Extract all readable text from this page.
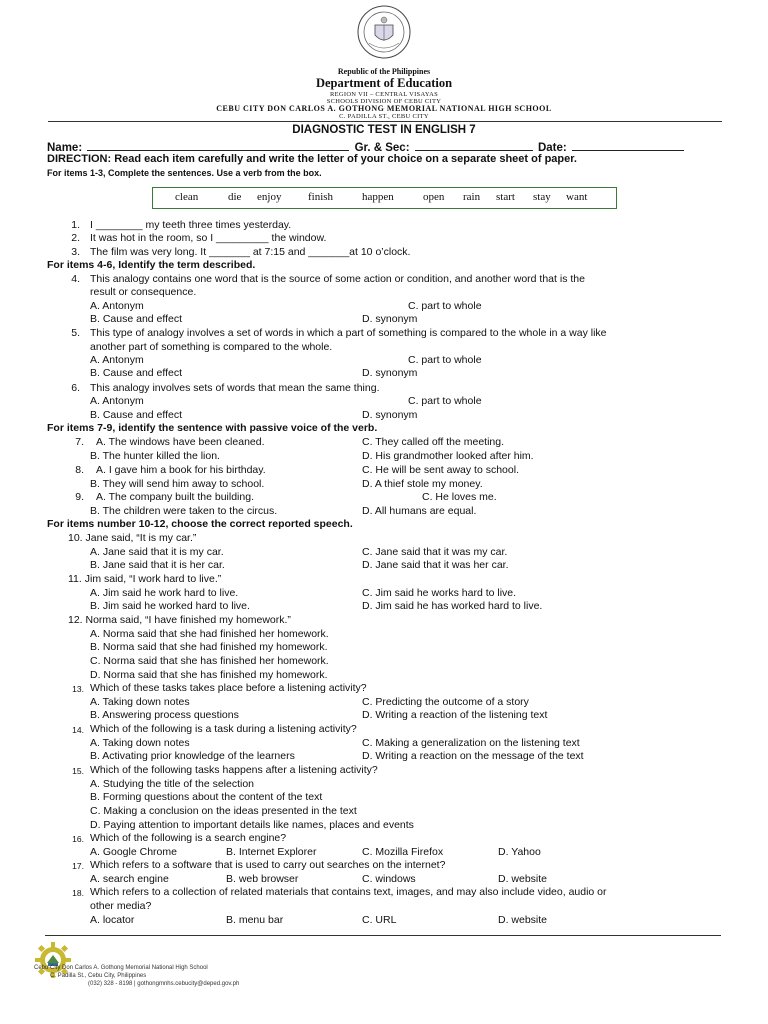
Republic of the Philippines
Department of Education
REGION VII – CENTRAL VISAYAS
SCHOOLS DIVISION OF CEBU CITY
CEBU CITY DON CARLOS A. GOTHONG MEMORIAL NATIONAL HIGH SCHOOL
C. PADILLA ST., CEBU CITY
DIAGNOSTIC TEST IN ENGLISH 7
Name:	Gr. & Sec:	Date:
DIRECTION: Read each item carefully and write the letter of your choice on a separate sheet of paper.
For items 1-3, Complete the sentences. Use a verb from the box.
clean	die enjoy finish	happen	open rain start stay want
1. I ________ my teeth three times yesterday.
2. It was hot in the room, so I _________ the window.
3. The film was very long. It _______ at 7:15 and _______at 10 o’clock.
For items 4-6, Identify the term described.
4. This analogy contains one word that is the source of some action or condition, and another word that is the
result or consequence.
A. Antonym	C. part to whole
B. Cause and effect	D. synonym
5. This type of analogy involves a set of words in which a part of something is compared to the whole in a way like
another part of something is compared to the whole.
A. Antonym	C. part to whole
B. Cause and effect	D. synonym
6. This analogy involves sets of words that mean the same thing.
A. Antonym	C. part to whole
B. Cause and effect	D. synonym
For items 7-9, identify the sentence with passive voice of the verb.
7. A. The windows have been cleaned.	C. They called off the meeting.
B. The hunter killed the lion.	D. His grandmother looked after him.
8. A. I gave him a book for his birthday.	C. He will be sent away to school.
B. They will send him away to school.	D. A thief stole my money.
9. A. The company built the building.	C. He loves me.
B. The children were taken to the circus.	D. All humans are equal.
For items number 10-12, choose the correct reported speech.
10. Jane said, “It is my car.”
A. Jane said that it is my car.	C. Jane said that it was my car.
B. Jane said that it is her car.	D. Jane said that it was her car.
11. Jim said, “I work hard to live.”
A. Jim said he work hard to live.	C. Jim said he works hard to live.
B. Jim said he worked hard to live.	D. Jim said he has worked hard to live.
12. Norma said, “I have finished my homework.”
A. Norma said that she had finished her homework.
B. Norma said that she had finished my homework.
C. Norma said that she has finished her homework.
D. Norma said that she has finished my homework.
13. Which of these tasks takes place before a listening activity?
A. Taking down notes	C. Predicting the outcome of a story
B. Answering process questions	D. Writing a reaction of the listening text
14. Which of the following is a task during a listening activity?
A. Taking down notes	C. Making a generalization on the listening text
B. Activating prior knowledge of the learners	D. Writing a reaction on the message of the text
15. Which of the following tasks happens after a listening activity?
A. Studying the title of the selection
B. Forming questions about the content of the text
C. Making a conclusion on the ideas presented in the text
D. Paying attention to important details like names, places and events
16. Which of the following is a search engine?
A. Google Chrome	B. Internet Explorer	C. Mozilla Firefox	D. Yahoo
17. Which refers to a software that is used to carry out searches on the internet?
A. search engine	B. web browser	C. windows	D. website
18. Which refers to a collection of related materials that contains text, images, and may also include video, audio or
other media?
A. locator	B. menu bar	C. URL	D. website
Cebu City Don Carlos A. Gothong Memorial National High School
C. Padilla St., Cebu City, Philippines
(032) 328 - 8198 | gothongmnhs.cebucity@deped.gov.ph
